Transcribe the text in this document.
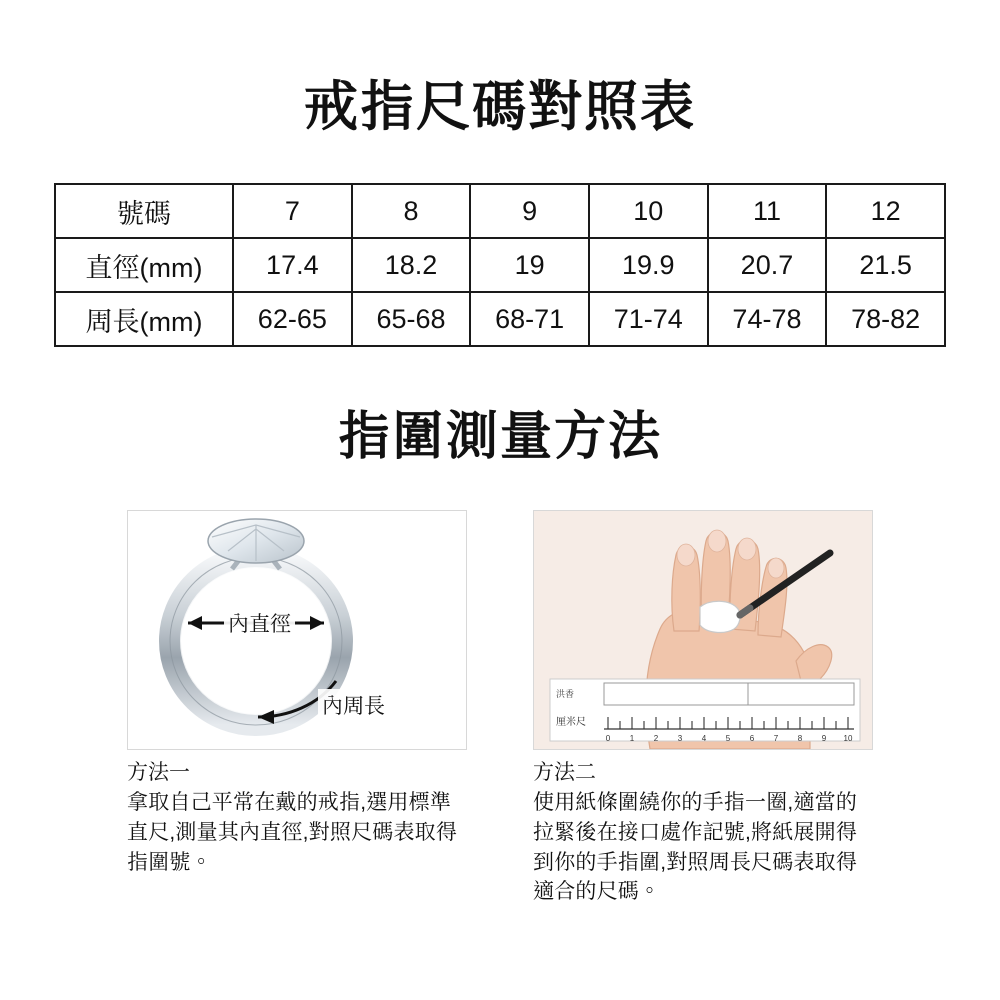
戒指尺碼對照表
號碼	7	8	9	10	11	12
直徑(mm)	17.4	18.2	19	19.9	20.7	21.5
周長(mm)	62-65	65-68	68-71	71-74	74-78	78-82
指圍測量方法
內直徑
內周長
方法一
拿取自己平常在戴的戒指,選用標準直尺,測量其內直徑,對照尺碼表取得指圍號。
0 1 2 3 4 5 6 7 8 9 10
洪香
厘米尺
方法二
使用紙條圍繞你的手指一圈,適當的拉緊後在接口處作記號,將紙展開得到你的手指圍,對照周長尺碼表取得適合的尺碼。
